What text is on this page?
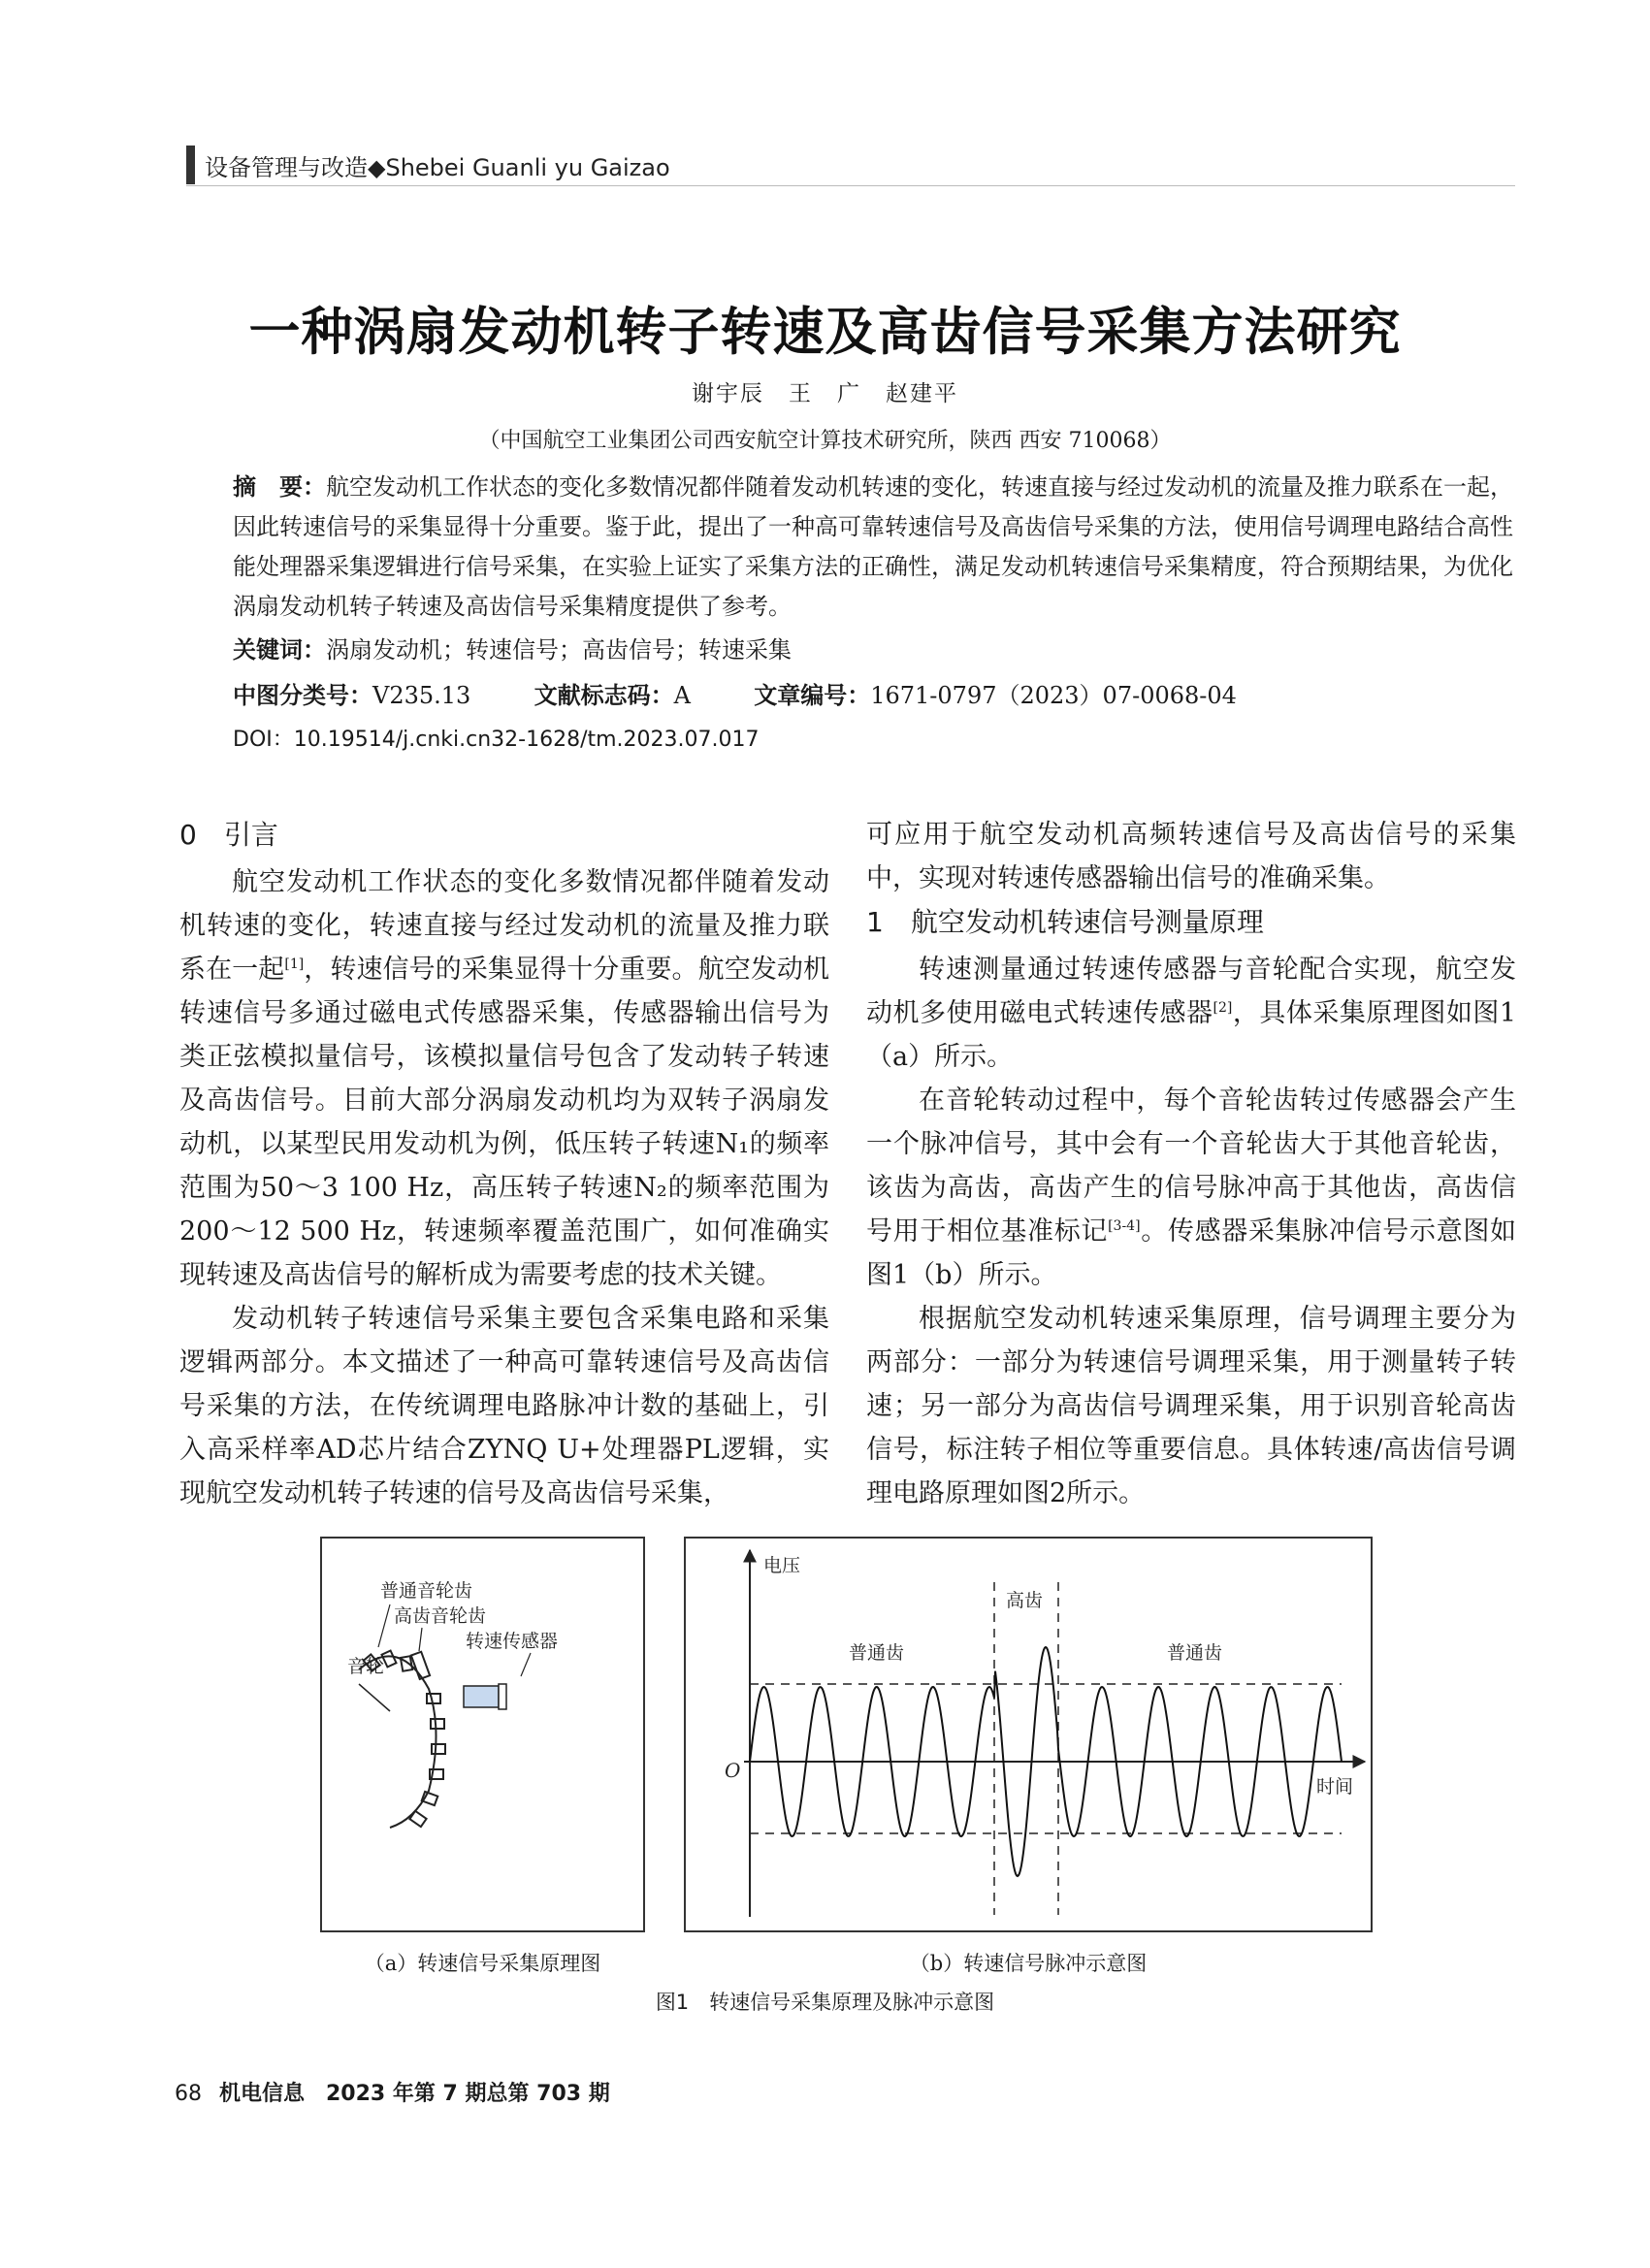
设备管理与改造◆Shebei Guanli yu Gaizao
一种涡扇发动机转子转速及高齿信号采集方法研究
谢宇辰　王　广　赵建平
（中国航空工业集团公司西安航空计算技术研究所，陕西 西安 710068）
摘　要：航空发动机工作状态的变化多数情况都伴随着发动机转速的变化，转速直接与经过发动机的流量及推力联系在一起，因此转速信号的采集显得十分重要。鉴于此，提出了一种高可靠转速信号及高齿信号采集的方法，使用信号调理电路结合高性能处理器采集逻辑进行信号采集，在实验上证实了采集方法的正确性，满足发动机转速信号采集精度，符合预期结果，为优化涡扇发动机转子转速及高齿信号采集精度提供了参考。
关键词：涡扇发动机；转速信号；高齿信号；转速采集
中图分类号：V235.13	文献标志码：A	文章编号：1671-0797（2023）07-0068-04
DOI：10.19514/j.cnki.cn32-1628/tm.2023.07.017
0 引言

航空发动机工作状态的变化多数情况都伴随着发动机转速的变化，转速直接与经过发动机的流量及推力联系在一起[1]，转速信号的采集显得十分重要。航空发动机转速信号多通过磁电式传感器采集，传感器输出信号为类正弦模拟量信号，该模拟量信号包含了发动转子转速及高齿信号。目前大部分涡扇发动机均为双转子涡扇发动机，以某型民用发动机为例，低压转子转速N₁的频率范围为50～3 100 Hz，高压转子转速N₂的频率范围为200～12 500 Hz，转速频率覆盖范围广，如何准确实现转速及高齿信号的解析成为需要考虑的技术关键。

发动机转子转速信号采集主要包含采集电路和采集逻辑两部分。本文描述了一种高可靠转速信号及高齿信号采集的方法，在传统调理电路脉冲计数的基础上，引入高采样率AD芯片结合ZYNQ U+处理器PL逻辑，实现航空发动机转子转速的信号及高齿信号采集，

可应用于航空发动机高频转速信号及高齿信号的采集中，实现对转速传感器输出信号的准确采集。

1 航空发动机转速信号测量原理

转速测量通过转速传感器与音轮配合实现，航空发动机多使用磁电式转速传感器[2]，具体采集原理图如图1（a）所示。

在音轮转动过程中，每个音轮齿转过传感器会产生一个脉冲信号，其中会有一个音轮齿大于其他音轮齿，该齿为高齿，高齿产生的信号脉冲高于其他齿，高齿信号用于相位基准标记[3-4]。传感器采集脉冲信号示意图如图1（b）所示。

根据航空发动机转速采集原理，信号调理主要分为两部分：一部分为转速信号调理采集，用于测量转子转速；另一部分为高齿信号调理采集，用于识别音轮高齿信号，标注转子相位等重要信息。具体转速/高齿信号调理电路原理如图2所示。

普通音轮齿
高齿音轮齿
音轮
转速传感器
电压
高齿
普通齿	普通齿
O
时间
（a）转速信号采集原理图	（b）转速信号脉冲示意图
图1　转速信号采集原理及脉冲示意图
68 机电信息　2023 年第 7 期总第 703 期
